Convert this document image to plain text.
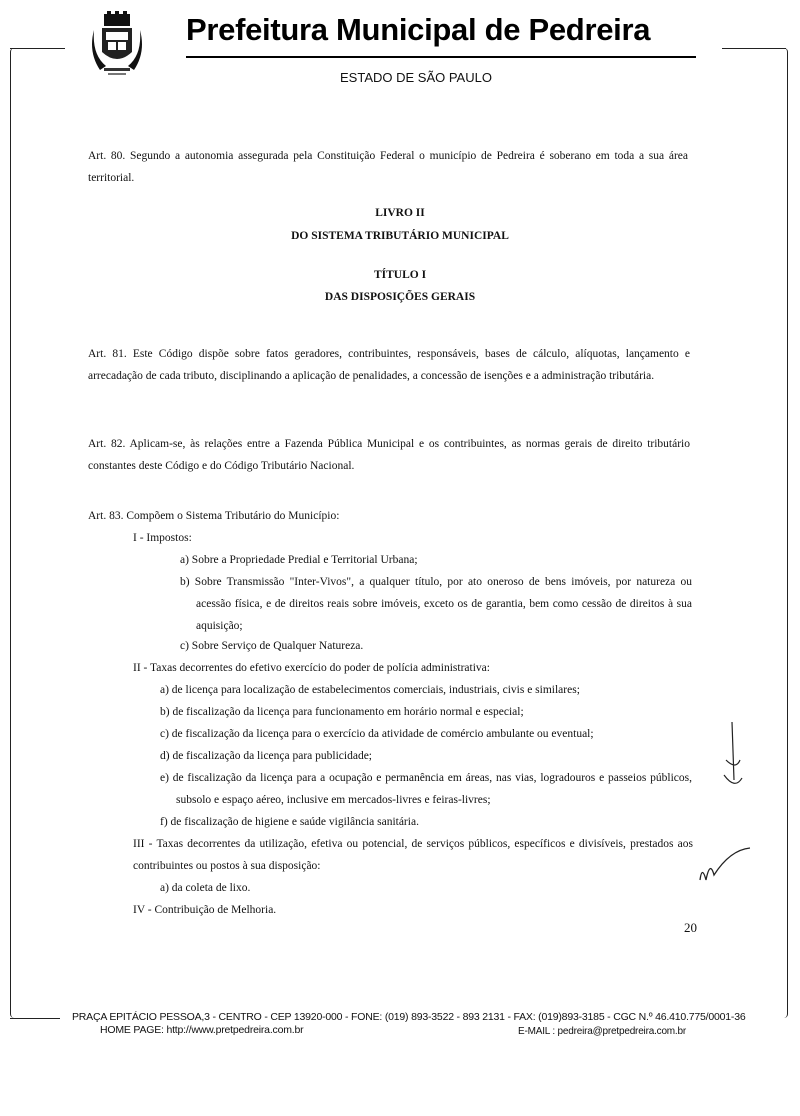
Prefeitura Municipal de Pedreira
ESTADO DE SÃO PAULO
Art. 80. Segundo a autonomia assegurada pela Constituição Federal o município de Pedreira é soberano em toda a sua área territorial.
LIVRO II
DO SISTEMA TRIBUTÁRIO MUNICIPAL
TÍTULO I
DAS DISPOSIÇÕES GERAIS
Art. 81. Este Código dispõe sobre fatos geradores, contribuintes, responsáveis, bases de cálculo, alíquotas, lançamento e arrecadação de cada tributo, disciplinando a aplicação de penalidades, a concessão de isenções e a administração tributária.
Art. 82. Aplicam-se, às relações entre a Fazenda Pública Municipal e os contribuintes, as normas gerais de direito tributário constantes deste Código e do Código Tributário Nacional.
Art. 83. Compõem o Sistema Tributário do Município:
I - Impostos:
a) Sobre a Propriedade Predial e Territorial Urbana;
b) Sobre Transmissão "Inter-Vivos", a qualquer título, por ato oneroso de bens imóveis, por natureza ou acessão física, e de direitos reais sobre imóveis, exceto os de garantia, bem como cessão de direitos à sua aquisição;
c) Sobre Serviço de Qualquer Natureza.
II - Taxas decorrentes do efetivo exercício do poder de polícia administrativa:
a) de licença para localização de estabelecimentos comerciais, industriais, civis e similares;
b) de fiscalização da licença para funcionamento em horário normal e especial;
c) de fiscalização da licença para o exercício da atividade de comércio ambulante ou eventual;
d) de fiscalização da licença para publicidade;
e) de fiscalização da licença para a ocupação e permanência em áreas, nas vias, logradouros e passeios públicos, subsolo e espaço aéreo, inclusive em mercados-livres e feiras-livres;
f) de fiscalização de higiene e saúde vigilância sanitária.
III - Taxas decorrentes da utilização, efetiva ou potencial, de serviços públicos, específicos e divisíveis, prestados aos contribuintes ou postos à sua disposição:
a) da coleta de lixo.
IV - Contribuição de Melhoria.
20
PRAÇA EPITÁCIO PESSOA,3 - CENTRO - CEP 13920-000 - FONE: (019) 893-3522 - 893 2131 - FAX: (019)893-3185 - CGC N.º 46.410.775/0001-36
HOME PAGE: http://www.pretpedreira.com.br	E-MAIL : pedreira@pretpedreira.com.br
